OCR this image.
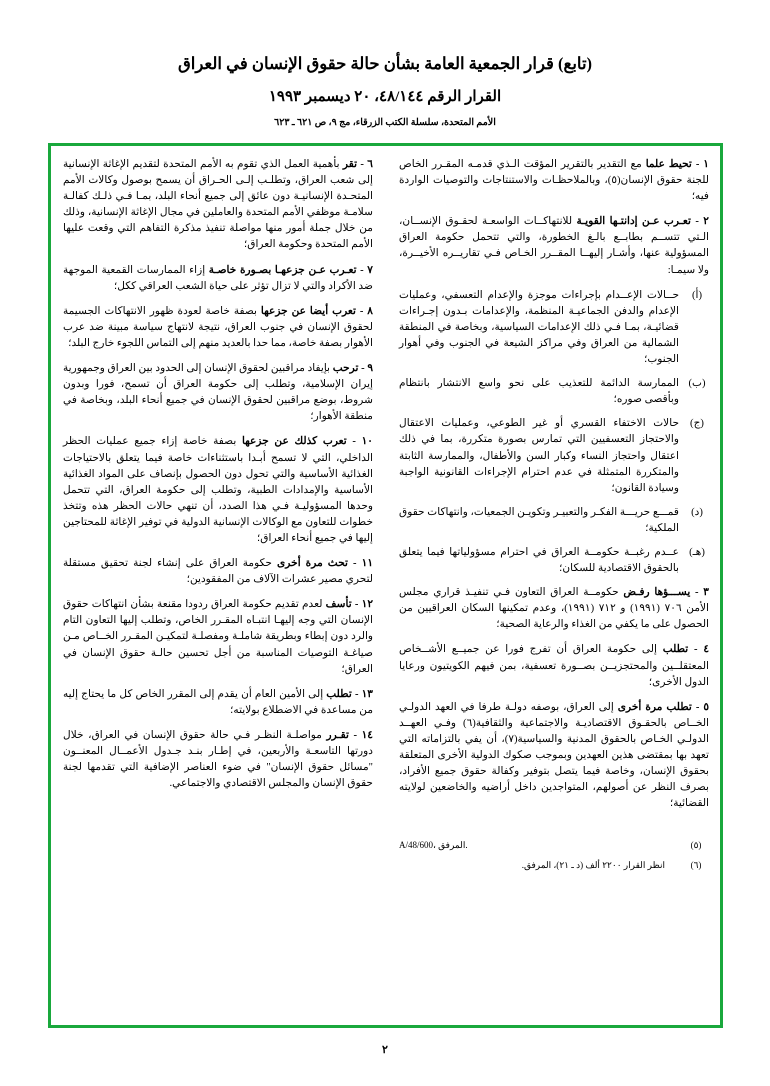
(تابع) قرار الجمعية العامة بشأن حالة حقوق الإنسان في العراق
القرار الرقم ٤٨/١٤٤، ٢٠ ديسمبر ١٩٩٣
الأمم المتحدة، سلسلة الكتب الزرقاء، مج ٩، ص ٦٢١ ـ ٦٢٣

١ - تحيط علما مع التقدير بالتقرير المؤقت الـذي قدمـه المقـرر الخاص للجنة حقوق الإنسان(٥)، وبالملاحظـات والاستنتاجات والتوصيات الواردة فيه؛

٢ - تعـرب عـن إدانتـها القويـة للانتهاكــات الواسعـة لحقـوق الإنســان، الـتي تتســم بطابــع بالـغ الخطورة، والتي تتحمل حكومة العراق المسؤولية عنها، وأشـار إليهــا المقــرر الخـاص فـي تقاريــره الأخيــرة، ولا سيمـا:

(أ)
حــالات الإعــدام بإجراءات موجزة والإعدام التعسفي، وعمليات الإعدام والدفن الجماعيـة المنظمة، والإعدامات بـدون إجـراءات قضائيـة، بمـا فـي ذلك الإعدامات السياسية، وبخاصة في المنطقة الشمالية من العراق وفي مراكز الشيعة في الجنوب وفي أهوار الجنوب؛
(ب)
الممارسة الدائمة للتعذيب على نحو واسع الانتشار بانتظام وبأقصى صوره؛
(ج)
حالات الاختفاء القسري أو غير الطوعي، وعمليات الاعتقال والاحتجاز التعسفيين التي تمارس بصورة متكررة، بما في ذلك اعتقال واحتجاز النساء وكبار السن والأطفال، والممارسة الثابتة والمتكررة المتمثلة في عدم احترام الإجراءات القانونية الواجبة وسيادة القانون؛
(د)
قمـــع حريـــة الفكـر والتعبيـر وتكويـن الجمعيات، وانتهاكات حقوق الملكية؛
(هـ)
عــدم رغبــة حكومــة العراق في احترام مسؤولياتها فيما يتعلق بالحقوق الاقتصادية للسكان؛

٣ - يســـؤها رفـض حكومــة العراق التعاون فـي تنفيـذ قراري مجلس الأمن ٧٠٦ (١٩٩١) و ٧١٢ (١٩٩١)، وعدم تمكينها السكان العراقيين من الحصول على ما يكفي من الغذاء والرعاية الصحية؛

٤ - تطلب إلى حكومة العراق أن تفرج فورا عن جميــع الأشــخاص المعتقلــين والمحتجزيــن بصــورة تعسفية، بمن فيهم الكويتيون ورعايا الدول الأخرى؛

٥ - تطلب مرة أخرى إلى العراق، بوصفه دولـة طرفا في العهد الدولـي الخــاص بالحقـوق الاقتصاديـة والاجتماعية والثقافية(٦) وفـي العهــد الدولـي الخـاص بالحقوق المدنية والسياسية(٧)، أن يفي بالتزاماته التي تعهد بها بمقتضى هذين العهدين وبموجب صكوك الدولية الأخرى المتعلقة بحقوق الإنسان، وخاصة فيما يتصل بتوفير وكفالة حقوق جميع الأفراد، بصرف النظر عن أصولهم، المتواجدين داخل أراضيه والخاضعين لولايته القضائية؛

(٥)
A/48/600، المرفق.
(٦)
انظر القرار ٢٢٠٠ ألف (د ـ ٢١)، المرفق.

٦ - تقر بأهمية العمل الذي تقوم به الأمم المتحدة لتقديم الإغاثة الإنسانية إلى شعب العراق، وتطلـب إلـى الحـراق أن يسمح بوصول وكالات الأمم المتحـدة الإنسانيـة دون عائق إلى جميع أنحاء البلد، بمـا فـي ذلـك كفالـة سلامـة موظفي الأمم المتحدة والعاملين في مجال الإغاثة الإنسانية، وذلك من خلال جملة أمور منها مواصلة تنفيذ مذكرة التفاهم التي وقعت عليها الأمم المتحدة وحكومة العراق؛

٧ - تعـرب عـن جزعهـا بصـورة خاصـة إزاء الممارسات القمعية الموجهة ضد الأكراد والتي لا تزال تؤثر على حياة الشعب العراقي ككل؛

٨ - تعرب أيضا عن جزعها بصفة خاصة لعودة ظهور الانتهاكات الجسيمة لحقوق الإنسان في جنوب العراق، نتيجة لانتهاج سياسة مبينة ضد عرب الأهوار بصفة خاصة، مما حدا بالعديد منهم إلى التماس اللجوء خارج البلد؛

٩ - ترحب بإيفاد مراقبين لحقوق الإنسان إلى الحدود بين العراق وجمهورية إيران الإسلامية، وتطلب إلى حكومة العراق أن تسمح، فورا وبدون شروط، بوضع مراقبين لحقوق الإنسان في جميع أنحاء البلد، وبخاصة في منطقة الأهوار؛

١٠ - تعرب كذلك عن جزعها بصفة خاصة إزاء جميع عمليات الحظر الداخلي، التي لا تسمح أبـدا باستثناءات خاصة فيما يتعلق بالاحتياجات الغذائية الأساسية والتي تحول دون الحصول بإنصاف على المواد الغذائية الأساسية والإمدادات الطبية، وتطلب إلى حكومة العراق، التي تتحمل وحدها المسؤوليـة فـي هذا الصدد، أن تنهي حالات الحظر هذه وتتخذ خطوات للتعاون مع الوكالات الإنسانية الدولية في توفير الإغاثة للمحتاجين إليها في جميع أنحاء العراق؛

١١ - تحث مرة أخرى حكومة العراق على إنشاء لجنة تحقيق مستقلة لتحري مصير عشرات الآلاف من المفقودين؛

١٢ - تأسف لعدم تقديم حكومة العراق ردودا مقنعة بشأن انتهاكات حقوق الإنسان التي وجه إليهـا انتبـاه المقـرر الخاص، وتطلب إليها التعاون التام والرد دون إبطاء وبطريقة شاملـة ومفصلـة لتمكيـن المقـرر الخــاص مـن صياغـة التوصيات المناسبة من أجل تحسين حالـة حقوق الإنسان في العراق؛

١٣ - تطلب إلى الأمين العام أن يقدم إلى المقرر الخاص كل ما يحتاج إليه من مساعدة في الاضطلاع بولايته؛

١٤ - تقـرر مواصلـة النظـر فـي حالة حقوق الإنسان في العراق، خلال دورتها التاسعـة والأربعين، في إطـار بنـد جـدول الأعمــال المعنــون "مسائل حقوق الإنسان" في ضوء العناصر الإضافية التي تقدمها لجنة حقوق الإنسان والمجلس الاقتصادي والاجتماعي.

٢
